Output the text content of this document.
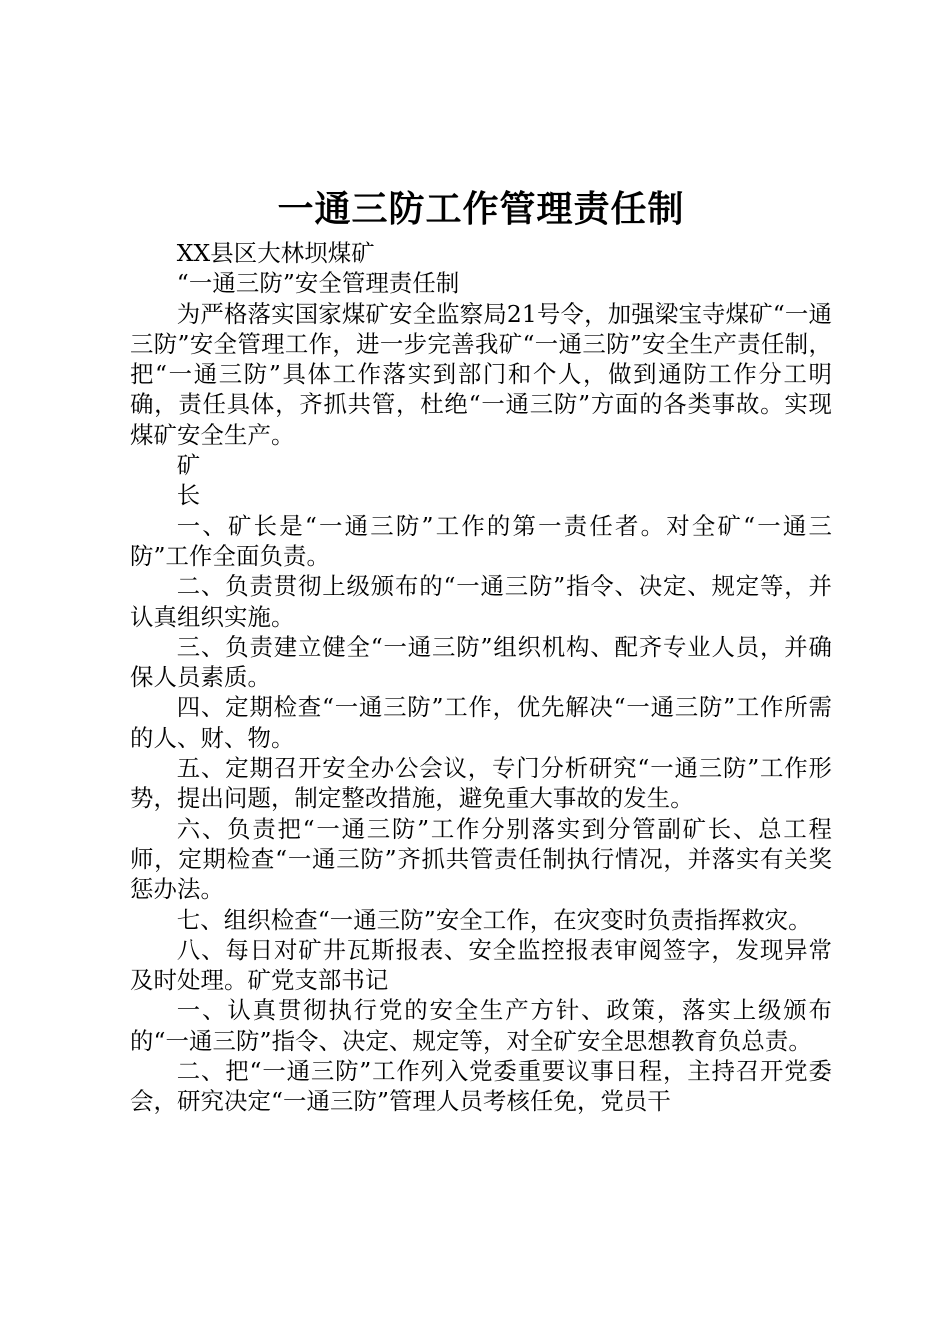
一通三防工作管理责任制

XX县区大林坝煤矿

“一通三防”安全管理责任制

为严格落实国家煤矿安全监察局21号令，加强梁宝寺煤矿“一通三防”安全管理工作，进一步完善我矿“一通三防”安全生产责任制，把“一通三防”具体工作落实到部门和个人，做到通防工作分工明确，责任具体，齐抓共管，杜绝“一通三防”方面的各类事故。实现煤矿安全生产。

矿

长

一、矿长是“一通三防”工作的第一责任者。对全矿“一通三防”工作全面负责。

二、负责贯彻上级颁布的“一通三防”指令、决定、规定等，并认真组织实施。

三、负责建立健全“一通三防”组织机构、配齐专业人员，并确保人员素质。

四、定期检查“一通三防”工作，优先解决“一通三防”工作所需的人、财、物。

五、定期召开安全办公会议，专门分析研究“一通三防”工作形势，提出问题，制定整改措施，避免重大事故的发生。

六、负责把“一通三防”工作分别落实到分管副矿长、总工程师，定期检查“一通三防”齐抓共管责任制执行情况，并落实有关奖惩办法。

七、组织检查“一通三防”安全工作，在灾变时负责指挥救灾。

八、每日对矿井瓦斯报表、安全监控报表审阅签字，发现异常及时处理。矿党支部书记

一、认真贯彻执行党的安全生产方针、政策，落实上级颁布的“一通三防”指令、决定、规定等，对全矿安全思想教育负总责。

二、把“一通三防”工作列入党委重要议事日程，主持召开党委会，研究决定“一通三防”管理人员考核任免，党员干
